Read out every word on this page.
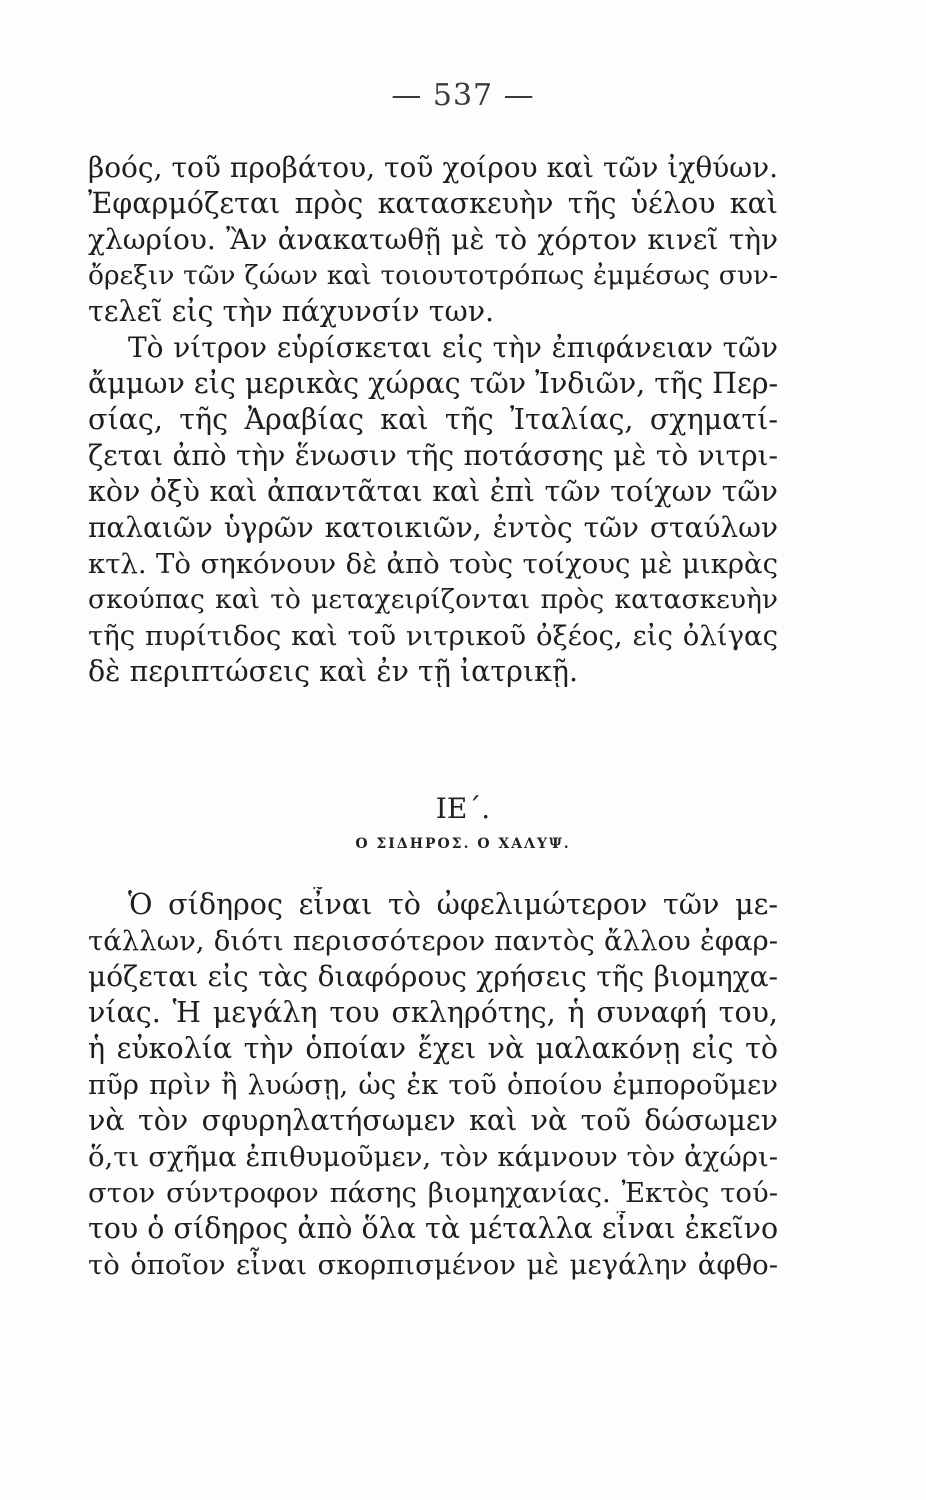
— 537 —
βοός, τοῦ προβάτου, τοῦ χοίρου καὶ τῶν ἰχθύων.
Ἐφαρμόζεται πρὸς κατασκευὴν τῆς ὑέλου καὶ
χλωρίου. Ἂν ἀνακατωθῇ μὲ τὸ χόρτον κινεῖ τὴν
ὄρεξιν τῶν ζώων καὶ τοιουτοτρόπως ἐμμέσως συν-
τελεῖ εἰς τὴν πάχυνσίν των.
Τὸ νίτρον εὑρίσκεται εἰς τὴν ἐπιφάνειαν τῶν
ἄμμων εἰς μερικὰς χώρας τῶν Ἰνδιῶν, τῆς Περ-
σίας, τῆς Ἀραβίας καὶ τῆς Ἰταλίας, σχηματί-
ζεται ἀπὸ τὴν ἕνωσιν τῆς ποτάσσης μὲ τὸ νιτρι-
κὸν ὀξὺ καὶ ἀπαντᾶται καὶ ἐπὶ τῶν τοίχων τῶν
παλαιῶν ὑγρῶν κατοικιῶν, ἐντὸς τῶν σταύλων
κτλ. Τὸ σηκόνουν δὲ ἀπὸ τοὺς τοίχους μὲ μικρὰς
σκούπας καὶ τὸ μεταχειρίζονται πρὸς κατασκευὴν
τῆς πυρίτιδος καὶ τοῦ νιτρικοῦ ὀξέος, εἰς ὀλίγας
δὲ περιπτώσεις καὶ ἐν τῇ ἰατρικῇ.
ΙΕ΄.
Ο ΣΙΔΗΡΟΣ. Ο ΧΑΛΥΨ.
Ὁ σίδηρος εἶναι τὸ ὠφελιμώτερον τῶν με-
τάλλων, διότι περισσότερον παντὸς ἄλλου ἐφαρ-
μόζεται εἰς τὰς διαφόρους χρήσεις τῆς βιομηχα-
νίας. Ἡ μεγάλη του σκληρότης, ἡ συναφή του,
ἡ εὐκολία τὴν ὁποίαν ἔχει νὰ μαλακόνῃ εἰς τὸ
πῦρ πρὶν ἢ λυώσῃ, ὡς ἐκ τοῦ ὁποίου ἐμποροῦμεν
νὰ τὸν σφυρηλατήσωμεν καὶ νὰ τοῦ δώσωμεν
ὅ,τι σχῆμα ἐπιθυμοῦμεν, τὸν κάμνουν τὸν ἀχώρι-
στον σύντροφον πάσης βιομηχανίας. Ἐκτὸς τού-
του ὁ σίδηρος ἀπὸ ὅλα τὰ μέταλλα εἶναι ἐκεῖνο
τὸ ὁποῖον εἶναι σκορπισμένον μὲ μεγάλην ἀφθο-
